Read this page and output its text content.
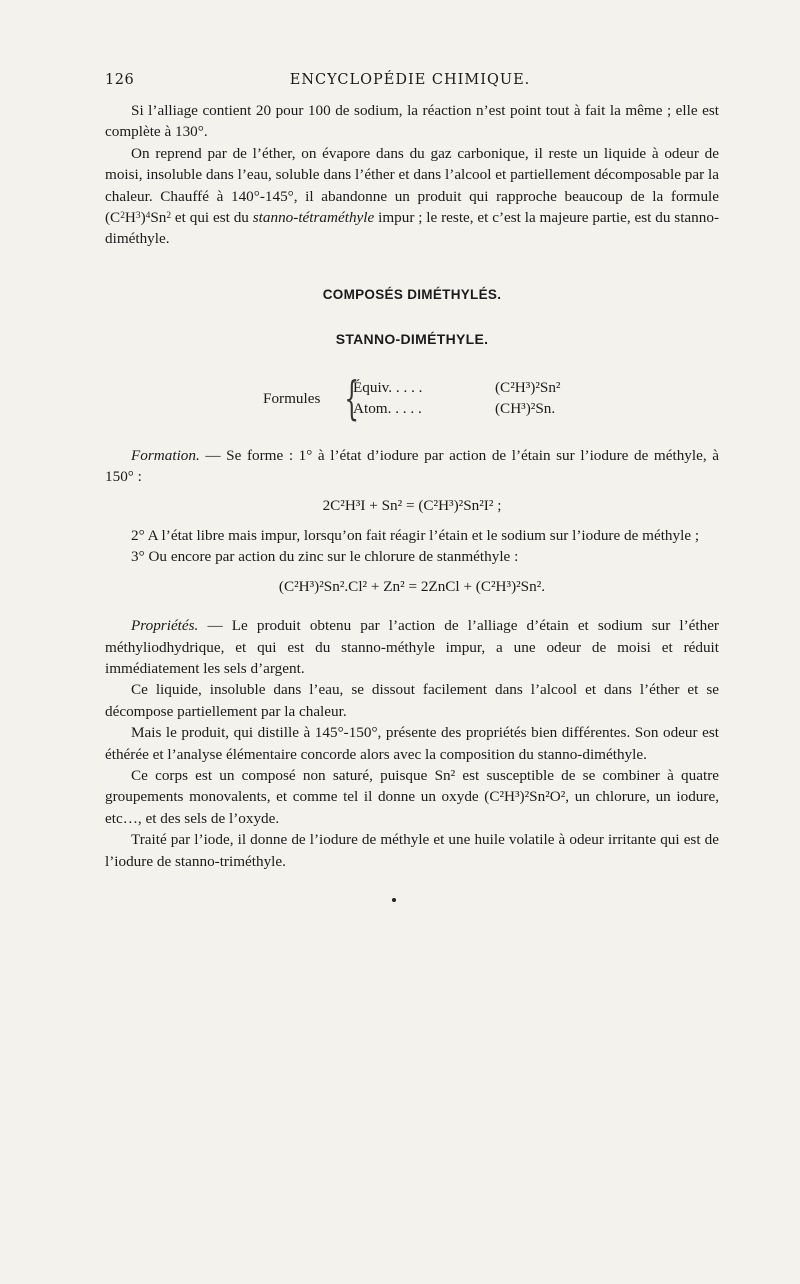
126	ENCYCLOPÉDIE CHIMIQUE.

Si l’alliage contient 20 pour 100 de sodium, la réaction n’est point tout à fait la même ; elle est complète à 130°.

On reprend par de l’éther, on évapore dans du gaz carbonique, il reste un liquide à odeur de moisi, insoluble dans l’eau, soluble dans l’éther et dans l’alcool et partiellement décomposable par la chaleur. Chauffé à 140°-145°, il abandonne un produit qui rapproche beaucoup de la formule $(C^2H^3)^4Sn^2$ et qui est du stanno-tétraméthyle impur ; le reste, et c’est la majeure partie, est du stanno-diméthyle.

COMPOSÉS DIMÉTHYLÉS.
STANNO-DIMÉTHYLE.
Formules {
Équiv. . . . .
Atom. . . . .
(C²H³)²Sn²
(CH³)²Sn.

Formation. — Se forme : 1° à l’état d’iodure par action de l’étain sur l’iodure de méthyle, à 150° :

2C²H³I + Sn² = (C²H³)²Sn²I² ;

2° A l’état libre mais impur, lorsqu’on fait réagir l’étain et le sodium sur l’iodure de méthyle ;

3° Ou encore par action du zinc sur le chlorure de stanméthyle :

(C²H³)²Sn².Cl² + Zn² = 2ZnCl + (C²H³)²Sn².

Propriétés. — Le produit obtenu par l’action de l’alliage d’étain et sodium sur l’éther méthyliodhydrique, et qui est du stanno-méthyle impur, a une odeur de moisi et réduit immédiatement les sels d’argent.

Ce liquide, insoluble dans l’eau, se dissout facilement dans l’alcool et dans l’éther et se décompose partiellement par la chaleur.

Mais le produit, qui distille à 145°-150°, présente des propriétés bien différentes. Son odeur est éthérée et l’analyse élémentaire concorde alors avec la composition du stanno-diméthyle.

Ce corps est un composé non saturé, puisque Sn² est susceptible de se combiner à quatre groupements monovalents, et comme tel il donne un oxyde (C²H³)²Sn²O², un chlorure, un iodure, etc…, et des sels de l’oxyde.

Traité par l’iode, il donne de l’iodure de méthyle et une huile volatile à odeur irritante qui est de l’iodure de stanno-triméthyle.
